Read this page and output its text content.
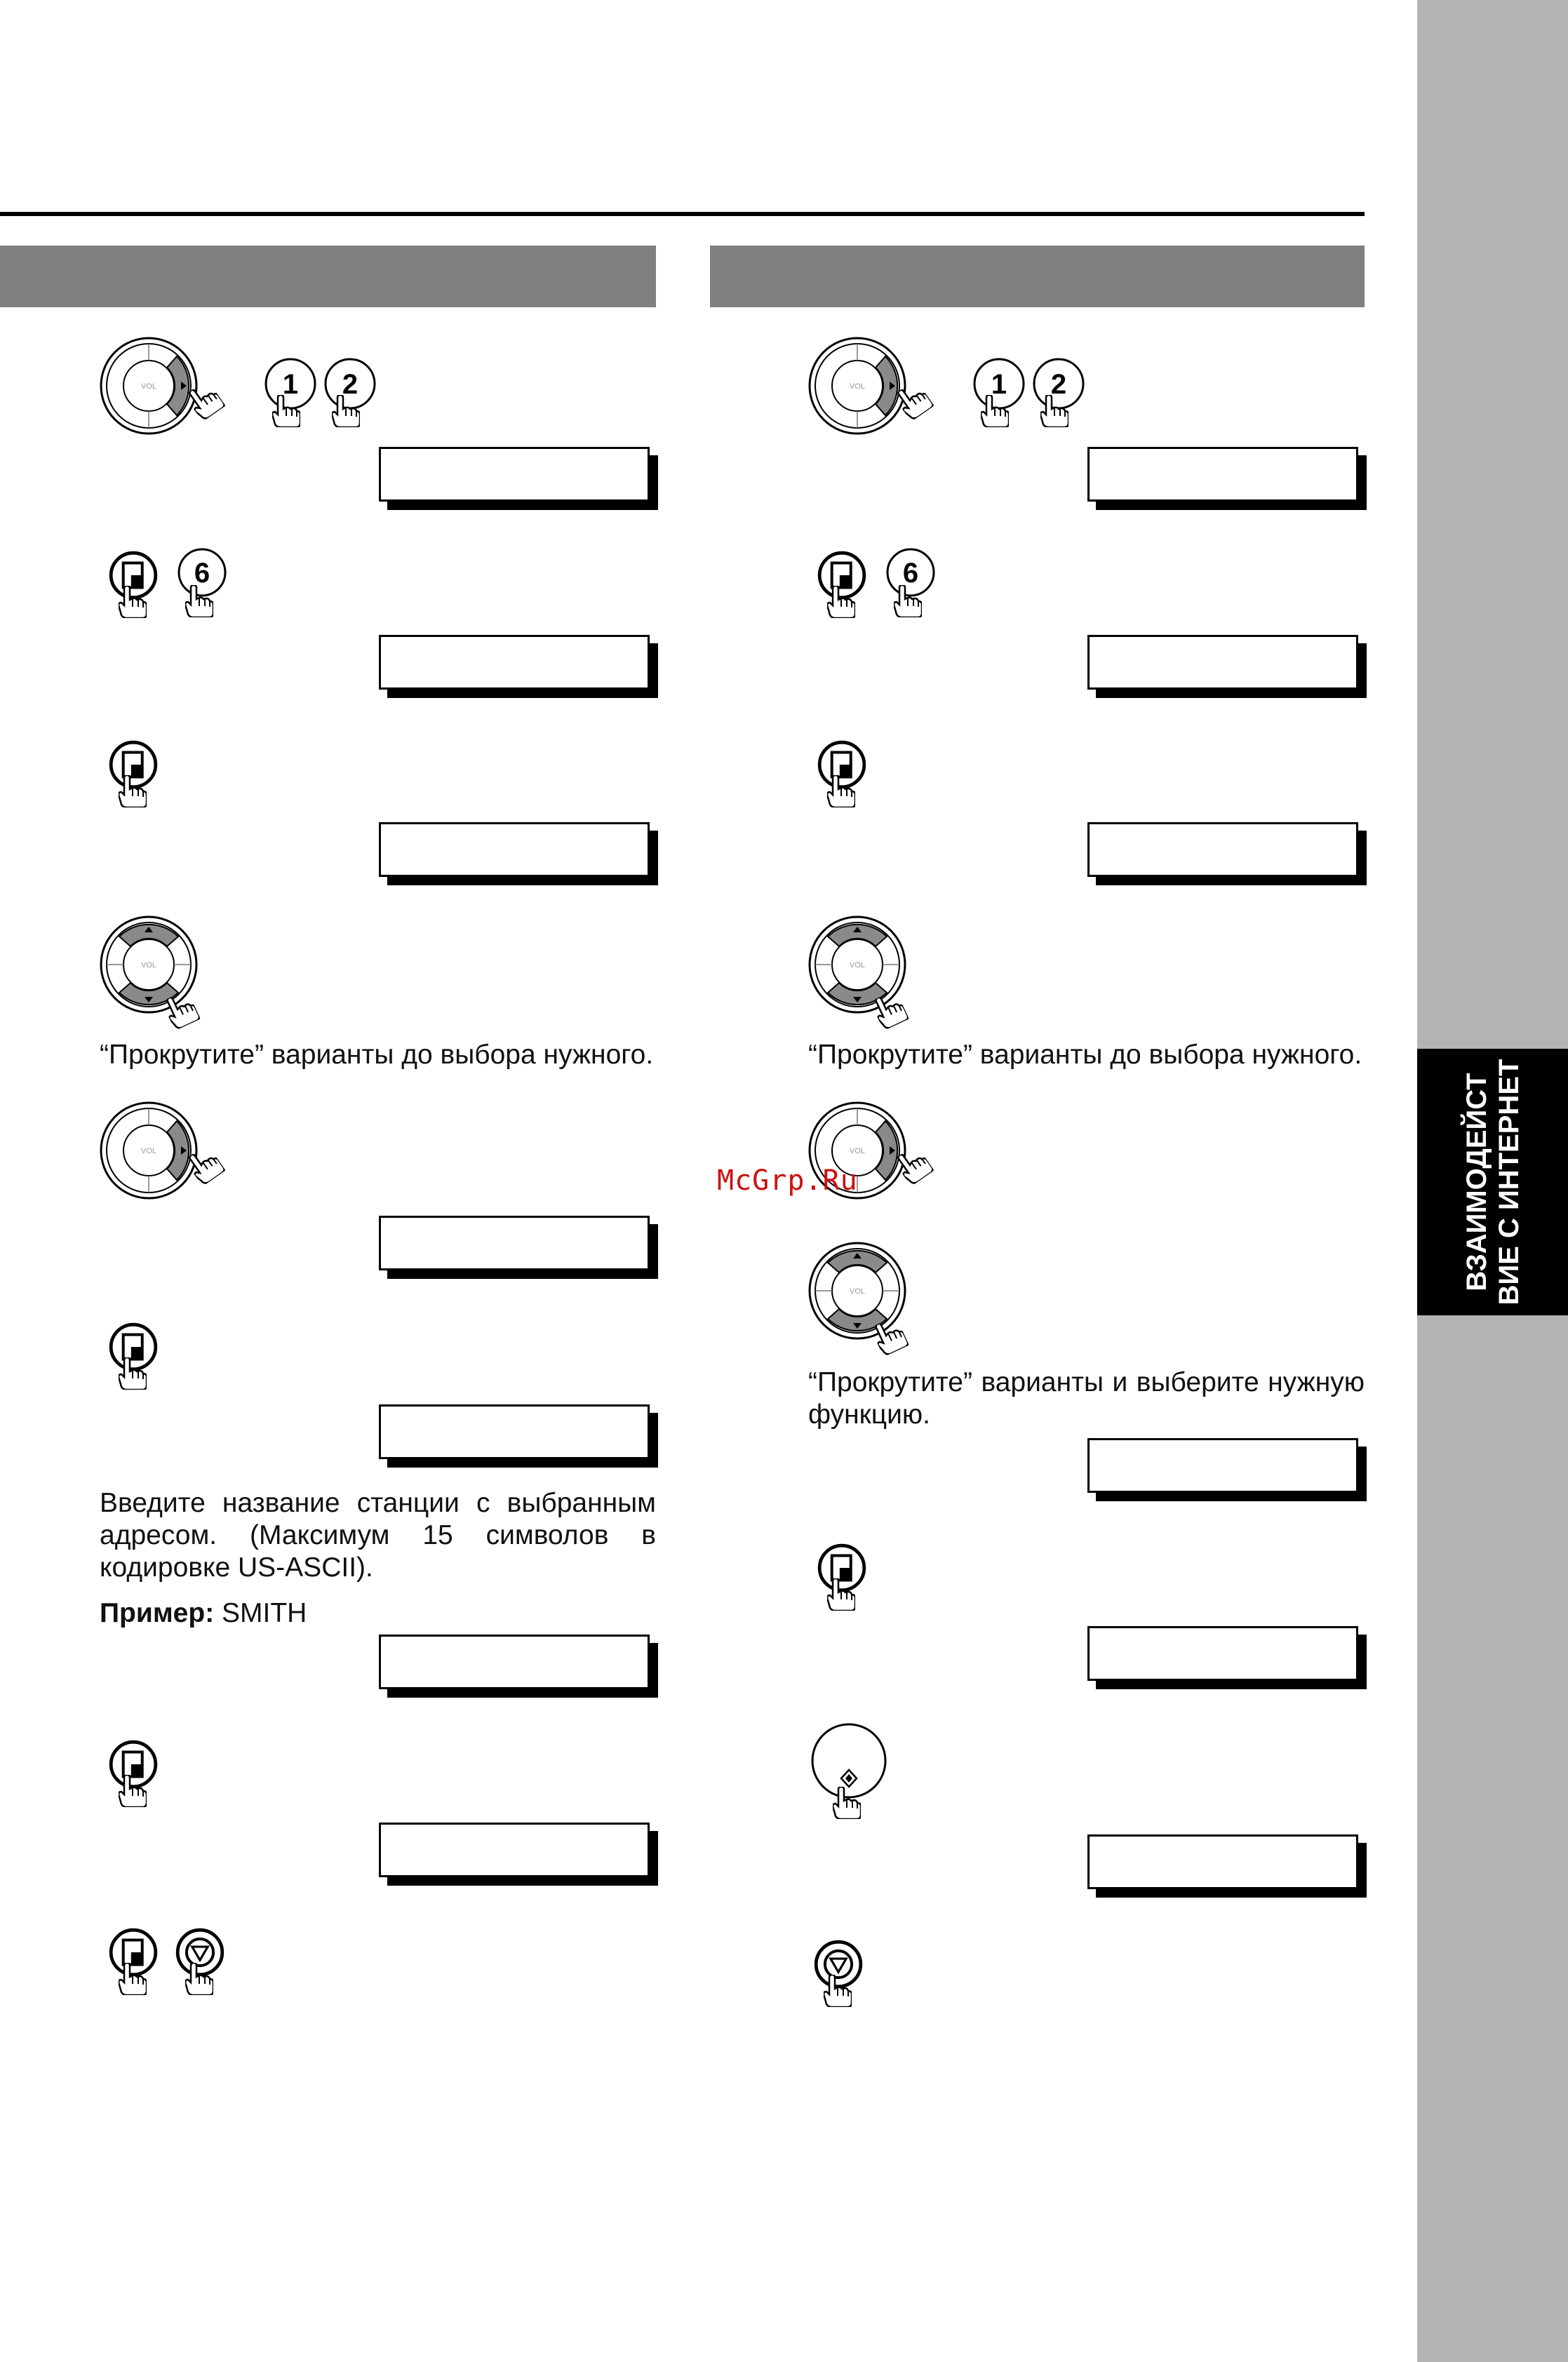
ВЗАИМОДЕЙСТ ВИЕ С ИНТЕРНЕТ
1 2
6
“Прокрутите” варианты до выбора нужного.
Введите название станции с выбранным адресом. (Максимум 15 символов в кодировке US-ASCII).
Пример: SMITH
1 2
6
“Прокрутите” варианты до выбора нужного.
McGrp.Ru
“Прокрутите” варианты и выберите нужную функцию.
